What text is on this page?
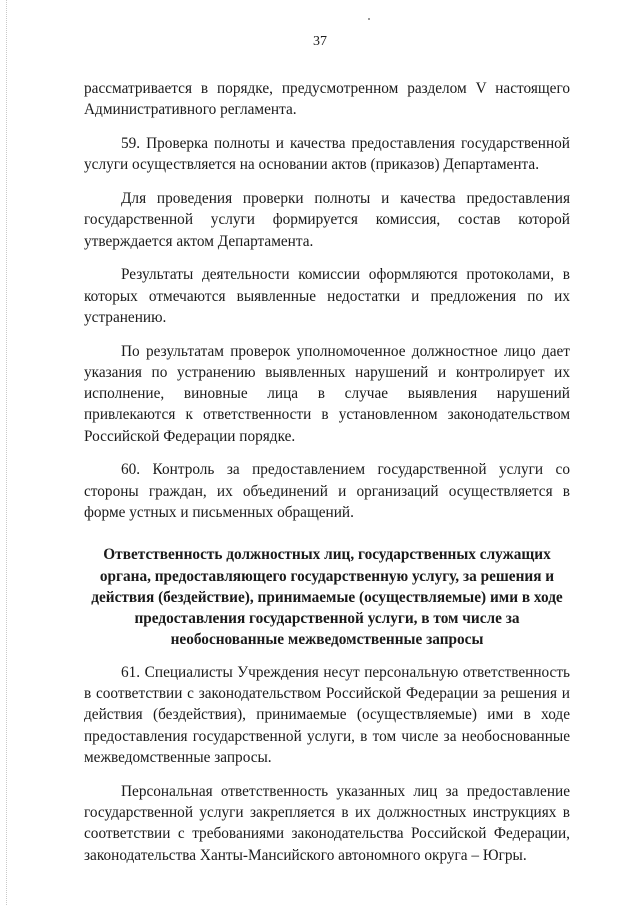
37

рассматривается в порядке, предусмотренном разделом V настоящего Административного регламента.

59. Проверка полноты и качества предоставления государственной услуги осуществляется на основании актов (приказов) Департамента.

Для проведения проверки полноты и качества предоставления государственной услуги формируется комиссия, состав которой утверждается актом Департамента.

Результаты деятельности комиссии оформляются протоколами, в которых отмечаются выявленные недостатки и предложения по их устранению.

По результатам проверок уполномоченное должностное лицо дает указания по устранению выявленных нарушений и контролирует их исполнение, виновные лица в случае выявления нарушений привлекаются к ответственности в установленном законодательством Российской Федерации порядке.

60. Контроль за предоставлением государственной услуги со стороны граждан, их объединений и организаций осуществляется в форме устных и письменных обращений.

Ответственность должностных лиц, государственных служащих органа, предоставляющего государственную услугу, за решения и действия (бездействие), принимаемые (осуществляемые) ими в ходе предоставления государственной услуги, в том числе за необоснованные межведомственные запросы

61. Специалисты Учреждения несут персональную ответственность в соответствии с законодательством Российской Федерации за решения и действия (бездействия), принимаемые (осуществляемые) ими в ходе предоставления государственной услуги, в том числе за необоснованные межведомственные запросы.

Персональная ответственность указанных лиц за предоставление государственной услуги закрепляется в их должностных инструкциях в соответствии с требованиями законодательства Российской Федерации, законодательства Ханты-Мансийского автономного округа – Югры.
